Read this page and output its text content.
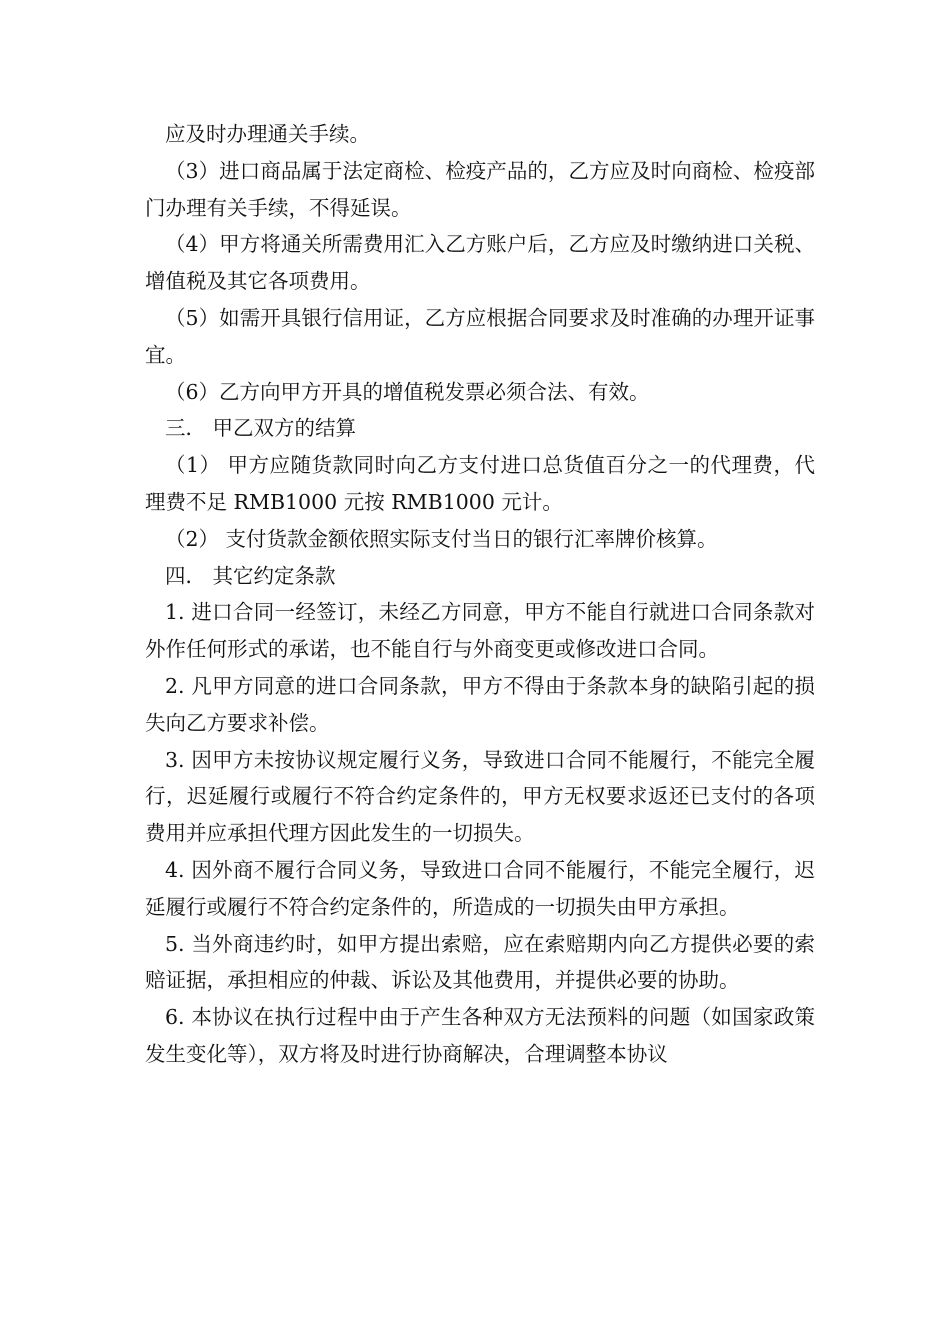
应及时办理通关手续。

（3）进口商品属于法定商检、检疫产品的，乙方应及时向商检、检疫部门办理有关手续，不得延误。

（4）甲方将通关所需费用汇入乙方账户后，乙方应及时缴纳进口关税、增值税及其它各项费用。

（5）如需开具银行信用证，乙方应根据合同要求及时准确的办理开证事宜。

（6）乙方向甲方开具的增值税发票必须合法、有效。

三． 甲乙双方的结算

（1） 甲方应随货款同时向乙方支付进口总货值百分之一的代理费，代理费不足 RMB1000 元按 RMB1000 元计。

（2） 支付货款金额依照实际支付当日的银行汇率牌价核算。

四． 其它约定条款

1. 进口合同一经签订，未经乙方同意，甲方不能自行就进口合同条款对外作任何形式的承诺，也不能自行与外商变更或修改进口合同。

2. 凡甲方同意的进口合同条款，甲方不得由于条款本身的缺陷引起的损失向乙方要求补偿。

3. 因甲方未按协议规定履行义务，导致进口合同不能履行，不能完全履行，迟延履行或履行不符合约定条件的，甲方无权要求返还已支付的各项费用并应承担代理方因此发生的一切损失。

4. 因外商不履行合同义务，导致进口合同不能履行，不能完全履行，迟延履行或履行不符合约定条件的，所造成的一切损失由甲方承担。

5. 当外商违约时，如甲方提出索赔，应在索赔期内向乙方提供必要的索赔证据，承担相应的仲裁、诉讼及其他费用，并提供必要的协助。

6. 本协议在执行过程中由于产生各种双方无法预料的问题（如国家政策发生变化等），双方将及时进行协商解决，合理调整本协议
